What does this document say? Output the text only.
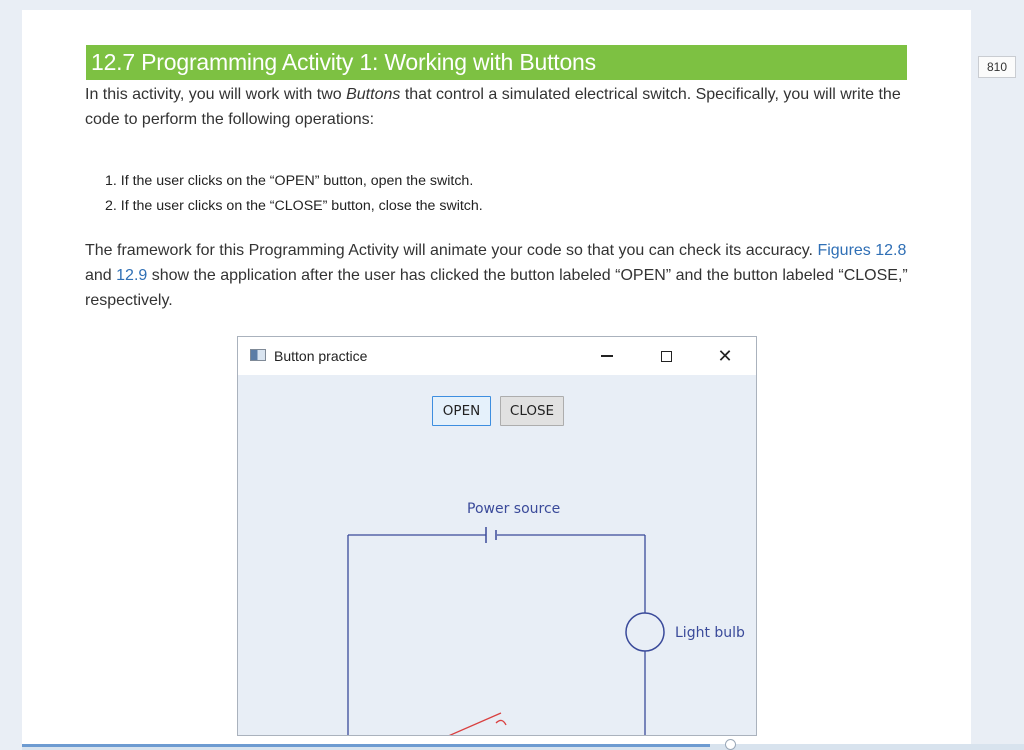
810
12.7 Programming Activity 1: Working with Buttons

In this activity, you will work with two Buttons that control a simulated electrical switch. Specifically, you will write the code to perform the following operations:

1. If the user clicks on the “OPEN” button, open the switch.
2. If the user clicks on the “CLOSE” button, close the switch.

The framework for this Programming Activity will animate your code so that you can check its accuracy. Figures 12.8 and 12.9 show the application after the user has clicked the button labeled “OPEN” and the button labeled “CLOSE,” respectively.

Button practice	✕
OPEN	CLOSE
Power source
Light bulb
